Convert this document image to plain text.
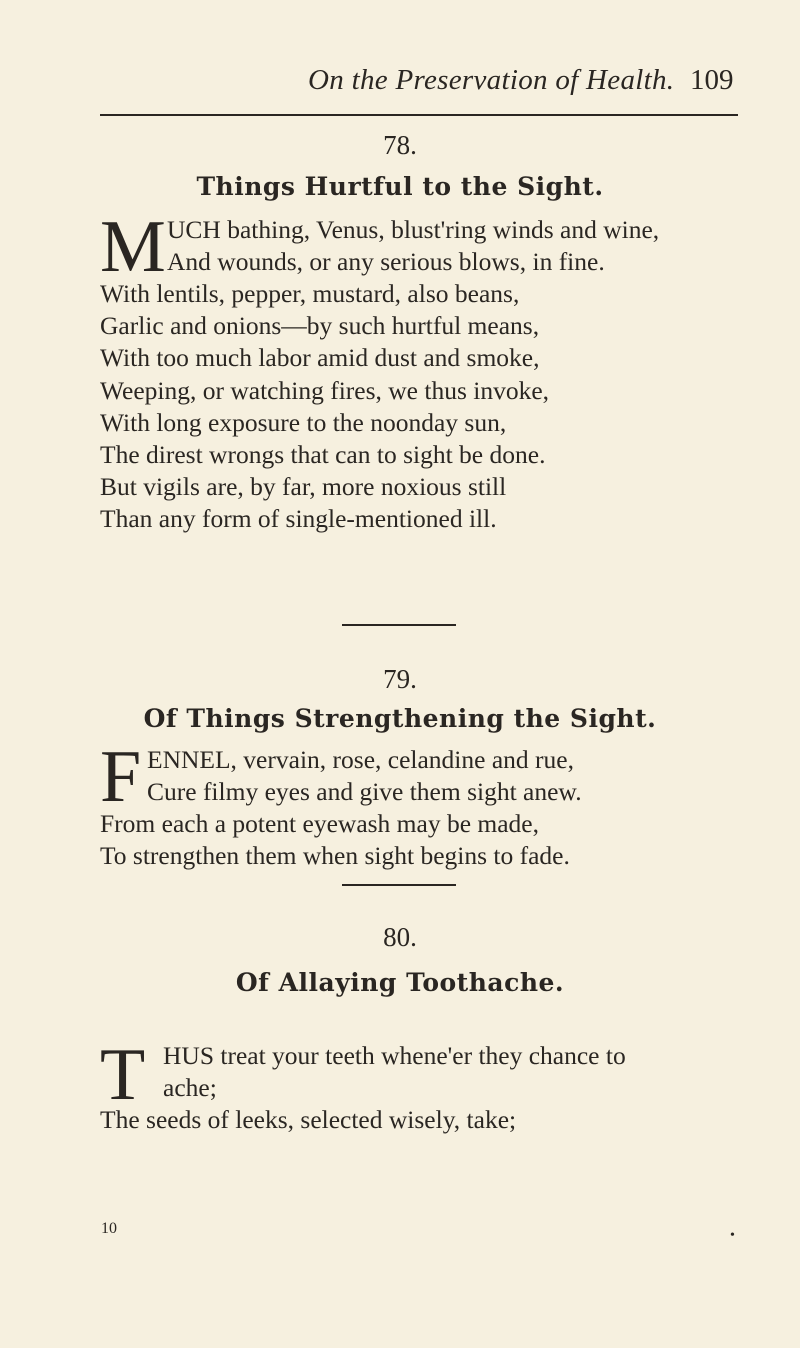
On the Preservation of Health. 109
78.
Things Hurtful to the Sight.
M UCH bathing, Venus, blust'ring winds and wine,
And wounds, or any serious blows, in fine.
With lentils, pepper, mustard, also beans,
Garlic and onions—by such hurtful means,
With too much labor amid dust and smoke,
Weeping, or watching fires, we thus invoke,
With long exposure to the noonday sun,
The direst wrongs that can to sight be done.
But vigils are, by far, more noxious still
Than any form of single-mentioned ill.
79.
Of Things Strengthening the Sight.
F ENNEL, vervain, rose, celandine and rue,
Cure filmy eyes and give them sight anew.
From each a potent eyewash may be made,
To strengthen them when sight begins to fade.
80.
Of Allaying Toothache.
T HUS treat your teeth whene'er they chance to
ache;
The seeds of leeks, selected wisely, take;
10	•
